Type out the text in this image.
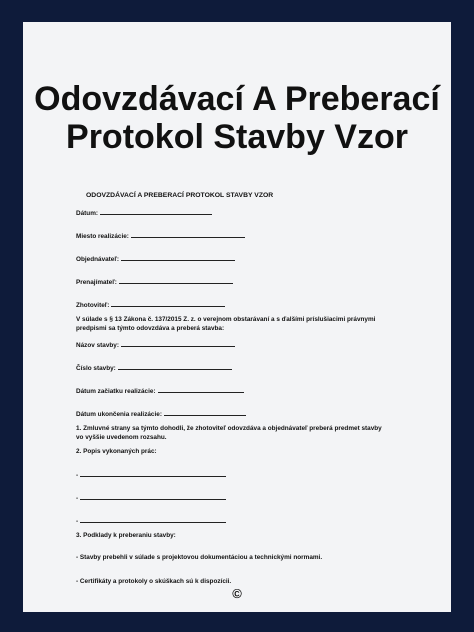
Odovzdávací A Preberací Protokol Stavby Vzor
ODOVZDÁVACÍ A PREBERACÍ PROTOKOL STAVBY VZOR
Dátum:
Miesto realizácie:
Objednávateľ:
Prenajímateľ:
Zhotoviteľ:
V súlade s § 13 Zákona č. 137/2015 Z. z. o verejnom obstarávaní a s ďalšími príslušiacimi právnymi predpismi sa týmto odovzdáva a preberá stavba:
Názov stavby:
Číslo stavby:
Dátum začiatku realizácie:
Dátum ukončenia realizácie:
1. Zmluvné strany sa týmto dohodli, že zhotoviteľ odovzdáva a objednávateľ preberá predmet stavby vo vyššie uvedenom rozsahu.
2. Popis vykonaných prác:
-
-
-
3. Podklady k preberaniu stavby:
- Stavby prebehli v súlade s projektovou dokumentáciou a technickými normami.
- Certifikáty a protokoly o skúškach sú k dispozícii.
©
